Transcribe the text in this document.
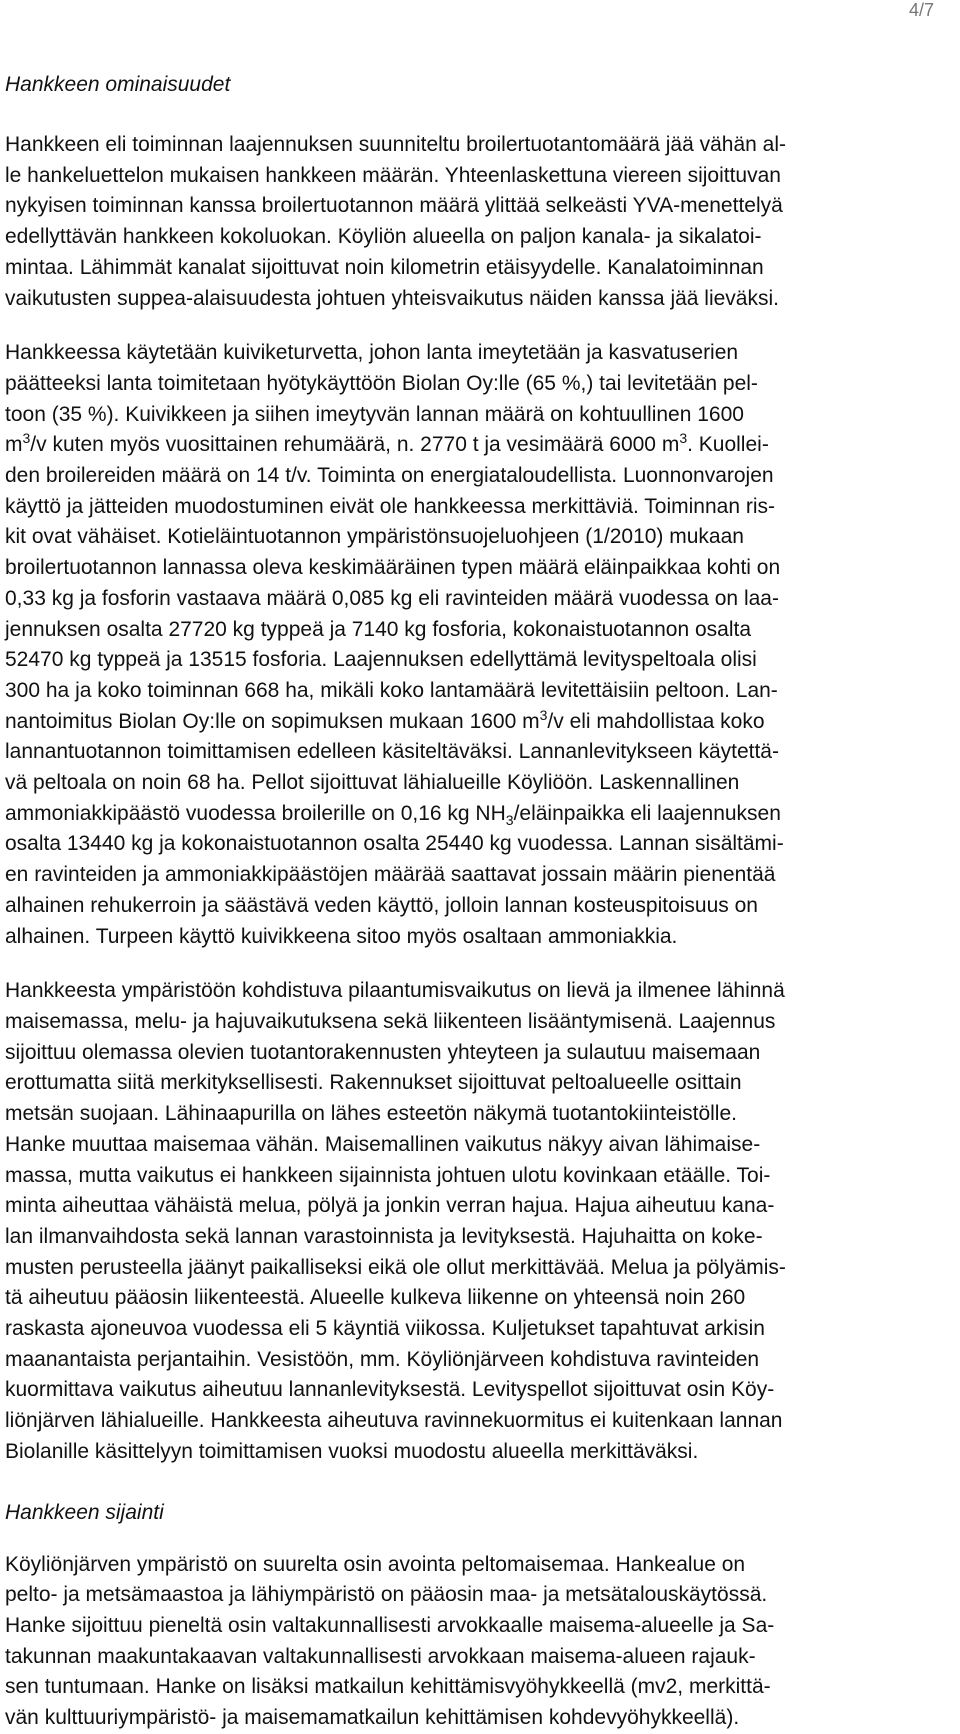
4/7

Hankkeen ominaisuudet

Hankkeen eli toiminnan laajennuksen suunniteltu broilertuotantomäärä jää vähän al-
le hankeluettelon mukaisen hankkeen määrän. Yhteenlaskettuna viereen sijoittuvan
nykyisen toiminnan kanssa broilertuotannon määrä ylittää selkeästi YVA-menettelyä
edellyttävän hankkeen kokoluokan. Köyliön alueella on paljon kanala- ja sikalatoi-
mintaa. Lähimmät kanalat sijoittuvat noin kilometrin etäisyydelle. Kanalatoiminnan
vaikutusten suppea-alaisuudesta johtuen yhteisvaikutus näiden kanssa jää lieväksi.

Hankkeessa käytetään kuiviketurvetta, johon lanta imeytetään ja kasvatuserien
päätteeksi lanta toimitetaan hyötykäyttöön Biolan Oy:lle (65 %,) tai levitetään pel-
toon (35 %). Kuivikkeen ja siihen imeytyvän lannan määrä on kohtuullinen 1600
$m^3/v$ kuten myös vuosittainen rehumäärä, n. 2770 t ja vesimäärä 6000 $m^3$. Kuollei-
den broilereiden määrä on 14 t/v. Toiminta on energiataloudellista. Luonnonvarojen
käyttö ja jätteiden muodostuminen eivät ole hankkeessa merkittäviä. Toiminnan ris-
kit ovat vähäiset. Kotieläintuotannon ympäristönsuojeluohjeen (1/2010) mukaan
broilertuotannon lannassa oleva keskimääräinen typen määrä eläinpaikkaa kohti on
0,33 kg ja fosforin vastaava määrä 0,085 kg eli ravinteiden määrä vuodessa on laa-
jennuksen osalta 27720 kg typpeä ja 7140 kg fosforia, kokonaistuotannon osalta
52470 kg typpeä ja 13515 fosforia. Laajennuksen edellyttämä levityspeltoala olisi
300 ha ja koko toiminnan 668 ha, mikäli koko lantamäärä levitettäisiin peltoon. Lan-
nantoimitus Biolan Oy:lle on sopimuksen mukaan 1600 $m^3/v$ eli mahdollistaa koko
lannantuotannon toimittamisen edelleen käsiteltäväksi. Lannanlevitykseen käytettä-
vä peltoala on noin 68 ha. Pellot sijoittuvat lähialueille Köyliöön. Laskennallinen
ammoniakkipäästö vuodessa broilerille on 0,16 kg $NH_3$/eläinpaikka eli laajennuksen
osalta 13440 kg ja kokonaistuotannon osalta 25440 kg vuodessa. Lannan sisältämi-
en ravinteiden ja ammoniakkipäästöjen määrää saattavat jossain määrin pienentää
alhainen rehukerroin ja säästävä veden käyttö, jolloin lannan kosteuspitoisuus on
alhainen. Turpeen käyttö kuivikkeena sitoo myös osaltaan ammoniakkia.

Hankkeesta ympäristöön kohdistuva pilaantumisvaikutus on lievä ja ilmenee lähinnä
maisemassa, melu- ja hajuvaikutuksena sekä liikenteen lisääntymisenä. Laajennus
sijoittuu olemassa olevien tuotantorakennusten yhteyteen ja sulautuu maisemaan
erottumatta siitä merkityksellisesti. Rakennukset sijoittuvat peltoalueelle osittain
metsän suojaan. Lähinaapurilla on lähes esteetön näkymä tuotantokiinteistölle.
Hanke muuttaa maisemaa vähän. Maisemallinen vaikutus näkyy aivan lähimaise-
massa, mutta vaikutus ei hankkeen sijainnista johtuen ulotu kovinkaan etäälle. Toi-
minta aiheuttaa vähäistä melua, pölyä ja jonkin verran hajua. Hajua aiheutuu kana-
lan ilmanvaihdosta sekä lannan varastoinnista ja levityksestä. Hajuhaitta on koke-
musten perusteella jäänyt paikalliseksi eikä ole ollut merkittävää. Melua ja pölyämis-
tä aiheutuu pääosin liikenteestä. Alueelle kulkeva liikenne on yhteensä noin 260
raskasta ajoneuvoa vuodessa eli 5 käyntiä viikossa. Kuljetukset tapahtuvat arkisin
maanantaista perjantaihin. Vesistöön, mm. Köyliönjärveen kohdistuva ravinteiden
kuormittava vaikutus aiheutuu lannanlevityksestä. Levityspellot sijoittuvat osin Köy-
liönjärven lähialueille. Hankkeesta aiheutuva ravinnekuormitus ei kuitenkaan lannan
Biolanille käsittelyyn toimittamisen vuoksi muodostu alueella merkittäväksi.

Hankkeen sijainti

Köyliönjärven ympäristö on suurelta osin avointa peltomaisemaa. Hankealue on
pelto- ja metsämaastoa ja lähiympäristö on pääosin maa- ja metsätalouskäytössä.
Hanke sijoittuu pieneltä osin valtakunnallisesti arvokkaalle maisema-alueelle ja Sa-
takunnan maakuntakaavan valtakunnallisesti arvokkaan maisema-alueen rajauk-
sen tuntumaan. Hanke on lisäksi matkailun kehittämisvyöhykkeellä (mv2, merkittä-
vän kulttuuriympäristö- ja maisemamatkailun kehittämisen kohdevyöhykkeellä).
